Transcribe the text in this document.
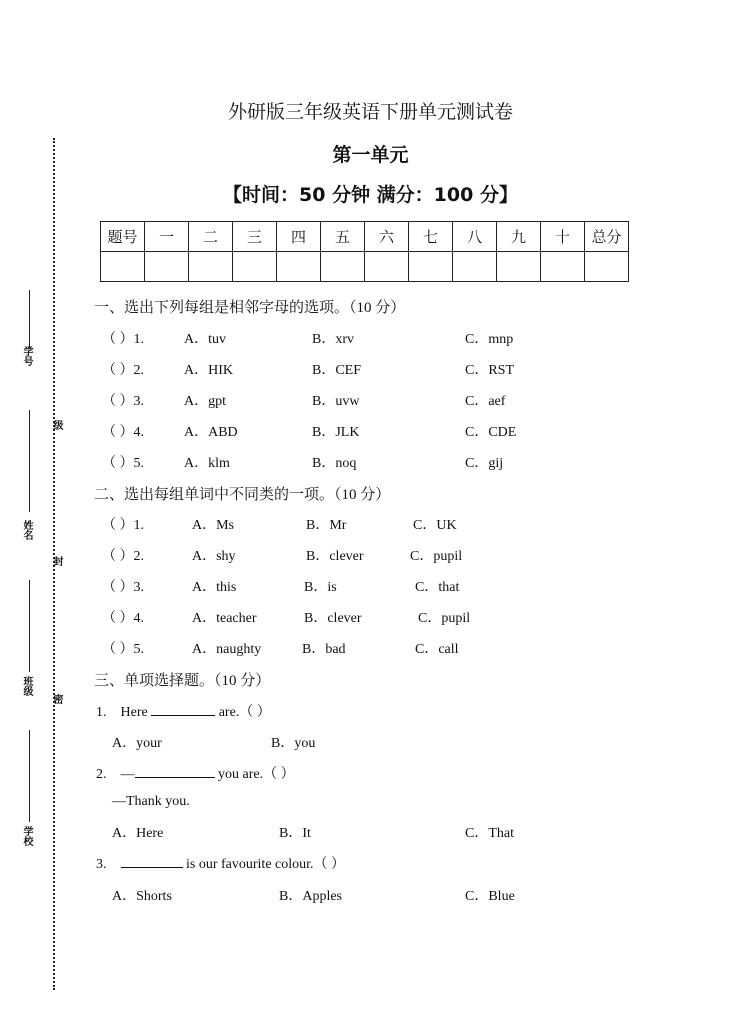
外研版三年级英语下册单元测试卷
第一单元
【时间：50 分钟 满分：100 分】
题号	一	二	三	四	五	六	七	八	九	十	总分

学号
级
姓名
封
班级
密
学校
一、选出下列每组是相邻字母的选项。（10 分）
（ ）1.	A．tuv	B．xrv	C．mnp
（ ）2.	A．HIK	B．CEF	C．RST
（ ）3.	A．gpt	B．uvw	C．aef
（ ）4.	A．ABD	B．JLK	C．CDE
（ ）5.	A．klm	B．noq	C．gij
二、选出每组单词中不同类的一项。（10 分）
（ ）1.	A．Ms	B．Mr	C．UK
（ ）2.	A．shy	B．clever	C．pupil
（ ）3.	A．this	B．is	C．that
（ ）4.	A．teacher	B．clever	C．pupil
（ ）5.	A．naughty	B．bad	C．call
三、单项选择题。（10 分）
1. Here	are.（ ）
A．your	B．you
2. —	you are.（ ）
—Thank you.
A．Here	B．It	C．That
3.	is our favourite colour.（ ）
A．Shorts	B．Apples	C．Blue
